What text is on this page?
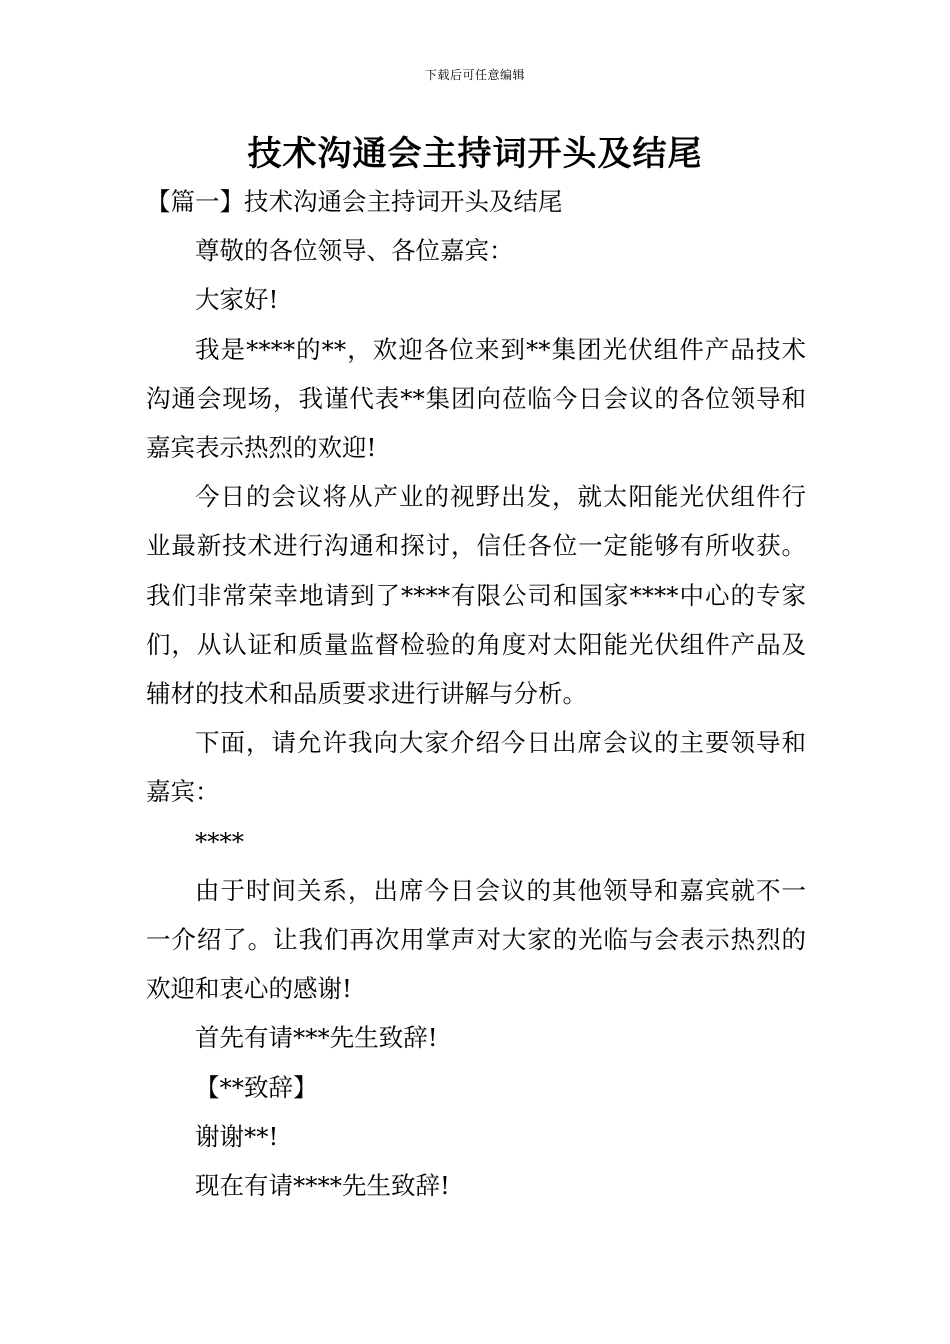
下载后可任意编辑
技术沟通会主持词开头及结尾

【篇一】技术沟通会主持词开头及结尾

尊敬的各位领导、各位嘉宾：

大家好!

我是****的**，欢迎各位来到**集团光伏组件产品技术沟通会现场，我谨代表**集团向莅临今日会议的各位领导和嘉宾表示热烈的欢迎!

今日的会议将从产业的视野出发，就太阳能光伏组件行业最新技术进行沟通和探讨，信任各位一定能够有所收获。我们非常荣幸地请到了****有限公司和国家****中心的专家们，从认证和质量监督检验的角度对太阳能光伏组件产品及辅材的技术和品质要求进行讲解与分析。

下面，请允许我向大家介绍今日出席会议的主要领导和嘉宾：

****

由于时间关系，出席今日会议的其他领导和嘉宾就不一一介绍了。让我们再次用掌声对大家的光临与会表示热烈的欢迎和衷心的感谢!

首先有请***先生致辞!

【**致辞】

谢谢**!

现在有请****先生致辞!
